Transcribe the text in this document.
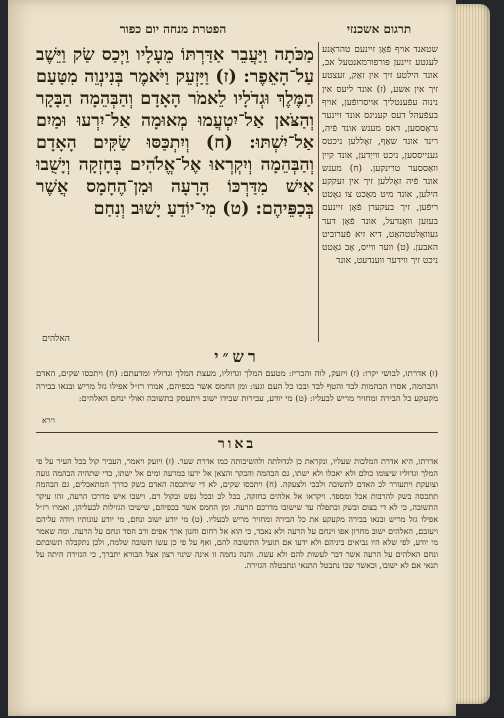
תרגום אשכנזי
הפטרת מנחה יום כפור
מַכֹּתָה וַיַּעֲבֵר אַדַּרְתּוֹ מֵעָלָיו וַיְכַס שַׂק וַיֵּשֶׁב עַל־הָאֵפֶר: (ז) וַיַּזְעֵק וַיֹּאמֶר בְּנִינְוֵה מִטַּעַם הַמֶּלֶךְ וּגְדֹלָיו לֵאמֹר הָאָדָם וְהַבְּהֵמָה הַבָּקָר וְהַצֹּאן אַל־יִטְעֲמוּ מְאוּמָה אַל־יִרְעוּ וּמַיִם אַל־יִשְׁתּוּ: (ח) וְיִתְכַּסּוּ שַׂקִּים הָאָדָם וְהַבְּהֵמָה וְיִקְרְאוּ אֶל־אֱלֹהִים בְּחָזְקָה וְיָשֻׁבוּ אִישׁ מִדַּרְכּוֹ הָרָעָה וּמִן־הֶחָמָס אֲשֶׁר בְּכַפֵּיהֶם: (ט) מִי־יוֹדֵעַ יָשׁוּב וְנִחַם
האלהים
שטאנד אויף פֿאָן זיינעם טהראָנע לעגטע זיינען פּורפורמאנטעל אב, אונד הילטע זיך אין זאַק, זעצטע זיך אין אשע, (ז) אונד ליעס אין נינוה עפֿענטליך אויסרופֿען, אויף בעפֿעהל דעס קעניגס אונד זיינער גראָססען, דאס מענש אונד פֿיה, רינד אונד שאַף, זאָללען ניכטס גענייססען, ניכט ווייַדען, אונד קיין וואַססער טרינקען. (ח) מענש אונד פֿיה זאָללען זיך אין זעקקע הילען, אונד מיט מאַכט צו גאָטט ריפֿען, זיך בעקערן פֿאָן זיינעם בעזען וואַנדעל, אונד פֿאָן דער געוואַלטטהאַט, דיא זיא פֿערוביט האבען. (ט) ווער ווייס, אָב גאָטט ניכט זיך ווידער ווענדעט, אונד
רש״י
(ו) אדרתו, לבושי יקרו: (ז) ויזעק, לוה והכריז: מטעם המלך וגדוליו, מעצת המלך וגדוליו ומדעתם: (ח) ויתכסו שקים, האדם והבהמה, אסרו הבהמות לבד והטף לבד ובכו כל העם וגעו: ומן החמס אשר בכפיהם, אמרו רז״ל אפילו גזל מריש ובנאו בבירה מקעקע כל הבירה ומחזיר מריש לבעליו: (ט) מי יודע, עבירות שבידו ישוב ויתעסק בתשובה ואולי ינחם האלהים:
וירא
באור
אדרתו, היא אדרת המלכות שעליו, ונקראת כן לגדולתה ולהשיבותה כמו אדרת שער. (ז) ויזעק ויאמר, העביר קול בכל העיר על פי המלך וגדוליו שיצומו כולם ולא יאכלו ולא ישתו, גם הבהמה והבקר והצאן אל ירעו במרעה ומים אל ישתו, כדי שתהיה הבהמה גועה וצועקת ויתעורר לב האדם לתשובה ולבכי ולצעקה. (ח) ויתכסו שקים, לא די שיתכסה האדם בשק כדרך המתאבלים, גם הבהמה תתכסה בשק להרבות אבל ומספד. ויקראו אל אלהים בחזקה, בכל לב ובכל נפש ובקול רם. וישבו איש מדרכו הרעה, זהו עיקר התשובה, כי לא די בצום ובשק ובתפלה עד שישובו מדרכם הרעה. ומן החמס אשר בכפיהם, שישיבו הגזילות לבעליהן, ואמרו רז״ל אפילו גזל מריש ובנאו בבירה מקעקע את כל הבירה ומחזיר מריש לבעליו. (ט) מי יודע ישוב ונחם, מי יודע עונותיו ויודה עליהם ויעזבם, האלהים ישוב מחרון אפו וינחם על הרעה ולא נאבד, כי הוא אל רחום וחנון ארך אפים ורב חסד ונחם על הרעה. ומה שאמר מי יודע, לפי שלא היו נביאים ביניהם ולא ידעו אם תועיל התשובה להם, ואף על פי כן עשו תשובה שלמה, ולכן נתקבלה תשובתם ונחם האלהים על הרעה אשר דבר לעשות להם ולא עשה. והנה נחמה זו אינה שינוי רצון אצל הבורא יתברך, כי הגזירה היתה על תנאי אם לא ישובו, וכאשר שבו נתבטל התנאי ונתבטלה הגזירה.
